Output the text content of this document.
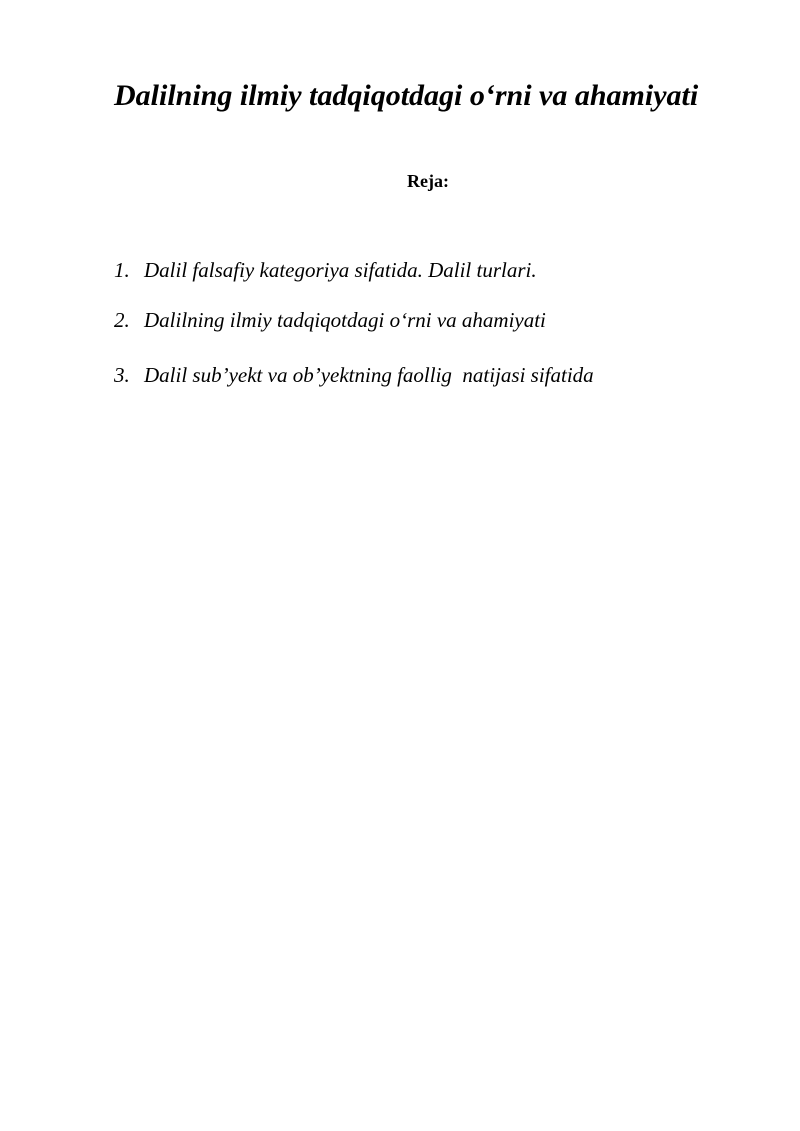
Dalilning ilmiy tadqiqotdagi o‘rni va ahamiyati

Reja:

1. Dalil falsafiy kategoriya sifatida. Dalil turlari.
2. Dalilning ilmiy tadqiqotdagi o‘rni va ahamiyati
3. Dalil sub’yekt va ob’yektning faollig  natijasi sifatida
